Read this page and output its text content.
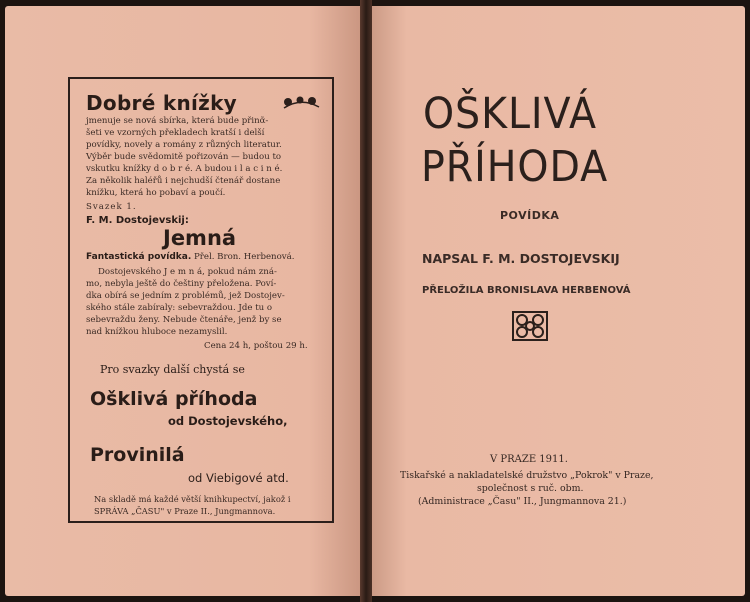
Dobré knížky
jmenuje se nová sbírka, která bude přinᾶ-
šeti ve vzorných překladech kratší i delší
povídky, novely a romány z různých literatur.
Výběr bude svědomitě pořizován — budou to
vskutku knížky d o b r é. A budou i l a c i n é.
Za několik haléřů i nejchudší čtenář dostane
knížku, která ho pobaví a poučí.
Svazek 1.
F. M. Dostojevskij:
Jemná
Fantastická povídka. Přel. Bron. Herbenová.
Dostojevského J e m n á, pokud nám zná-
mo, nebyla ještě do češtiny přeložena. Poví-
dka obírá se jedním z problémů, jež Dostojev-
ského stále zabíraly: sebevraždou. Jde tu o
sebevraždu ženy. Nebude čtenáře, jenž by se
nad knížkou hluboce nezamyslil.
Cena 24 h, poštou 29 h.
Pro svazky další chystá se
Ošklivá příhoda
od Dostojevského,
Provinilá
od Viebigové atd.
Na skladě má každé větší knihkupectví, jakož i
SPRÁVA „ČASU" v Praze II., Jungmannova.
OŠKLIVÁ
PŘÍHODA
POVÍDKA
NAPSAL F. M. DOSTOJEVSKIJ
PŘELOŽILA BRONISLAVA HERBENOVÁ
V PRAZE 1911.
Tiskařské a nakladatelské družstvo „Pokrok" v Praze,
společnost s ruč. obm.
(Administrace „Času" II., Jungmannova 21.)
